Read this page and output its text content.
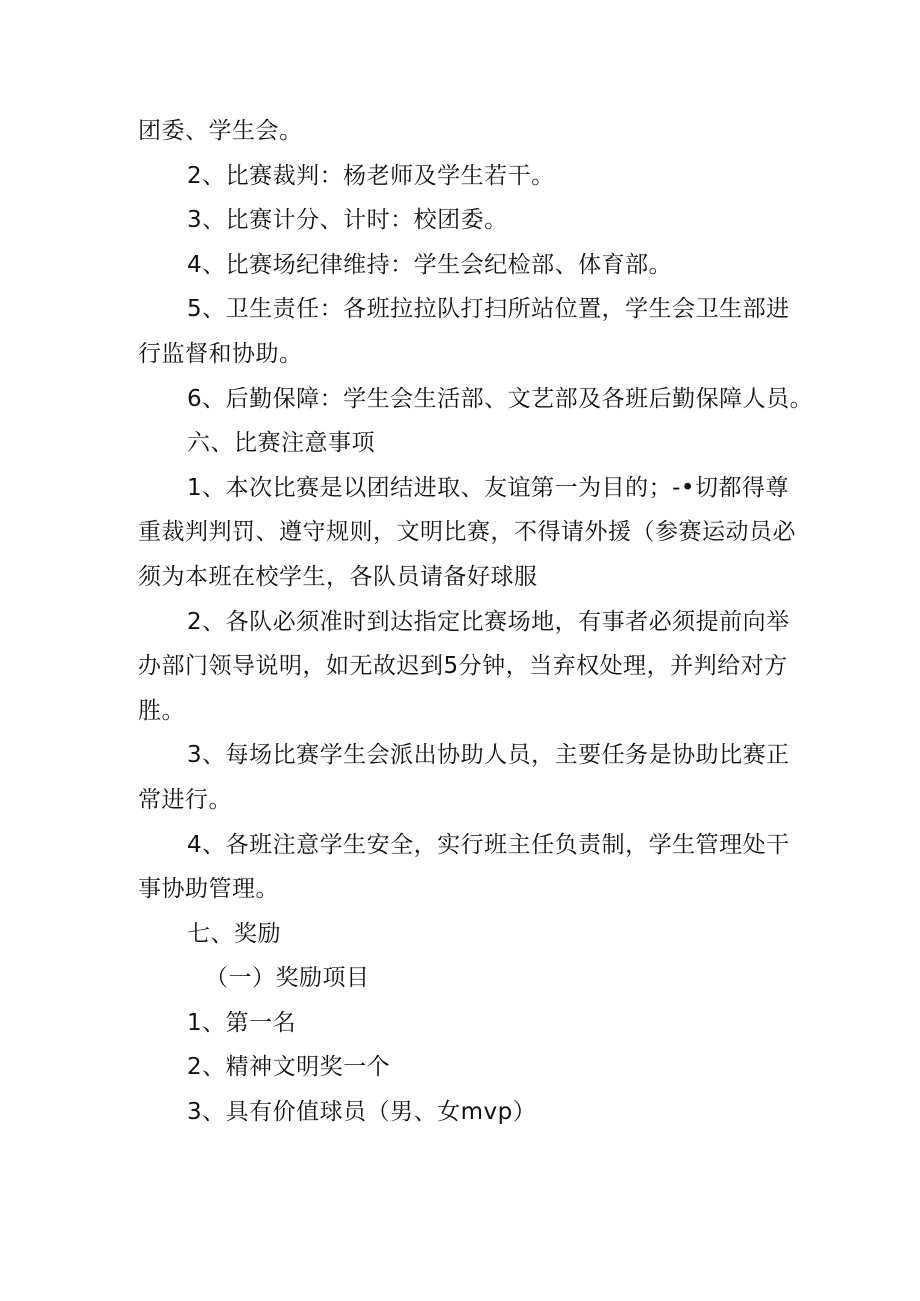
团委、学生会。

2、比赛裁判：杨老师及学生若干。

3、比赛计分、计时：校团委。

4、比赛场纪律维持：学生会纪检部、体育部。

5、卫生责任：各班拉拉队打扫所站位置，学生会卫生部进

行监督和协助。

6、后勤保障：学生会生活部、文艺部及各班后勤保障人员。

六、比赛注意事项

1、本次比赛是以团结进取、友谊第一为目的；-•切都得尊

重裁判判罚、遵守规则，文明比赛，不得请外援（参赛运动员必

须为本班在校学生，各队员请备好球服

2、各队必须准时到达指定比赛场地，有事者必须提前向举

办部门领导说明，如无故迟到5分钟，当弃权处理，并判给对方

胜。

3、每场比赛学生会派出协助人员，主要任务是协助比赛正

常进行。

4、各班注意学生安全，实行班主任负责制，学生管理处干

事协助管理。

七、奖励

（一）奖励项目

1、第一名

2、精神文明奖一个

3、具有价值球员（男、女mvp）
